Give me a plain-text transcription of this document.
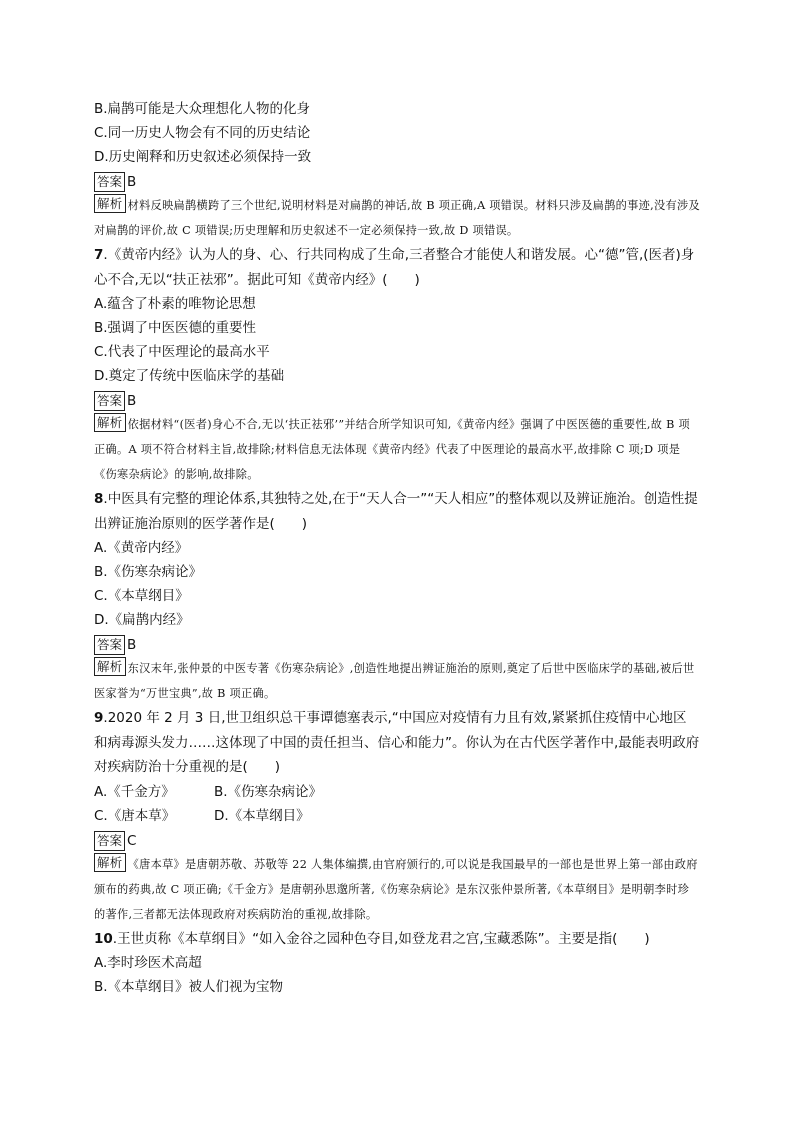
B.扁鹊可能是大众理想化人物的化身
C.同一历史人物会有不同的历史结论
D.历史阐释和历史叙述必须保持一致
答案 B
解析 材料反映扁鹊横跨了三个世纪,说明材料是对扁鹊的神话,故 B 项正确,A 项错误。材料只涉及扁鹊的事迹,没有涉及对扁鹊的评价,故 C 项错误;历史理解和历史叙述不一定必须保持一致,故 D 项错误。
7.《黄帝内经》认为人的身、心、行共同构成了生命,三者整合才能使人和谐发展。心“德”管,(医者)身心不合,无以“扶正祛邪”。据此可知《黄帝内经》(　　)
A.蕴含了朴素的唯物论思想
B.强调了中医医德的重要性
C.代表了中医理论的最高水平
D.奠定了传统中医临床学的基础
答案 B
解析 依据材料“(医者)身心不合,无以‘扶正祛邪’”并结合所学知识可知,《黄帝内经》强调了中医医德的重要性,故 B 项正确。A 项不符合材料主旨,故排除;材料信息无法体现《黄帝内经》代表了中医理论的最高水平,故排除 C 项;D 项是《伤寒杂病论》的影响,故排除。
8.中医具有完整的理论体系,其独特之处,在于“天人合一”“天人相应”的整体观以及辨证施治。创造性提出辨证施治原则的医学著作是(　　)
A.《黄帝内经》
B.《伤寒杂病论》
C.《本草纲目》
D.《扁鹊内经》
答案 B
解析 东汉末年,张仲景的中医专著《伤寒杂病论》,创造性地提出辨证施治的原则,奠定了后世中医临床学的基础,被后世医家誉为“万世宝典”,故 B 项正确。
9.2020 年 2 月 3 日,世卫组织总干事谭德塞表示,“中国应对疫情有力且有效,紧紧抓住疫情中心地区和病毒源头发力……这体现了中国的责任担当、信心和能力”。你认为在古代医学著作中,最能表明政府对疾病防治十分重视的是(　　)
A.《千金方》	B.《伤寒杂病论》
C.《唐本草》	D.《本草纲目》
答案 C
解析 《唐本草》是唐朝苏敬、苏敬等 22 人集体编撰,由官府颁行的,可以说是我国最早的一部也是世界上第一部由政府颁布的药典,故 C 项正确;《千金方》是唐朝孙思邈所著,《伤寒杂病论》是东汉张仲景所著,《本草纲目》是明朝李时珍的著作,三者都无法体现政府对疾病防治的重视,故排除。
10.王世贞称《本草纲目》“如入金谷之园种色夺目,如登龙君之宫,宝藏悉陈”。主要是指(　　)
A.李时珍医术高超
B.《本草纲目》被人们视为宝物
